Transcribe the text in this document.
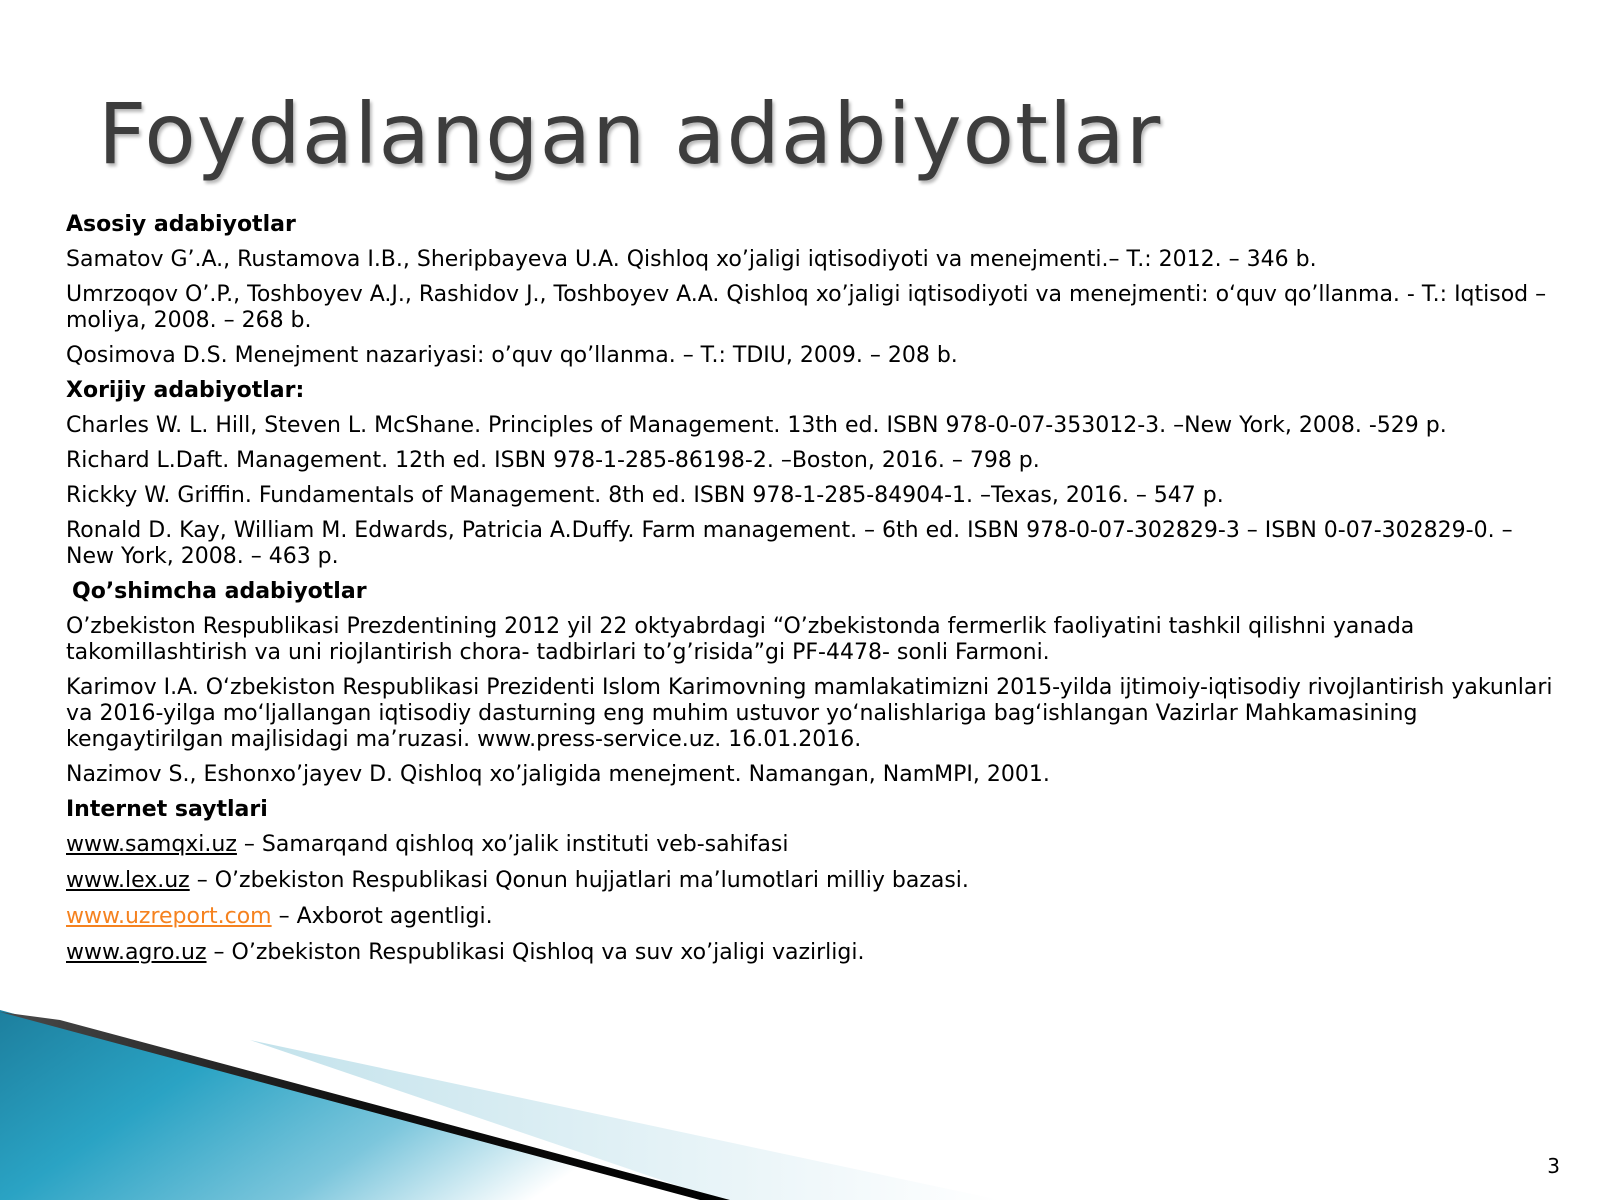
Foydalangan adabiyotlar
Asosiy adabiyotlar
Samatov G’.A., Rustamova I.B., Sheripbayeva U.A. Qishloq xo’jaligi iqtisodiyoti va menejmenti.– T.: 2012. – 346 b.
Umrzoqov O’.P., Toshboyev A.J., Rashidov J., Toshboyev A.A. Qishloq xo’jaligi iqtisodiyoti va menejmenti: o‘quv qo’llanma. - T.: Iqtisod – moliya, 2008. – 268 b.
Qosimova D.S. Menejment nazariyasi: o’quv qo’llanma. – T.: TDIU, 2009. – 208 b.
Xorijiy adabiyotlar:
Charles W. L. Hill, Steven L. McShane. Principles of Management. 13th ed. ISBN 978-0-07-353012-3. –New York, 2008. -529 p.
Richard L.Daft. Management. 12th ed. ISBN 978-1-285-86198-2. –Boston, 2016. – 798 p.
Rickky W. Griffin. Fundamentals of Management. 8th ed. ISBN 978-1-285-84904-1. –Texas, 2016. – 547 p.
Ronald D. Kay, William M. Edwards, Patricia A.Duffy. Farm management. – 6th ed. ISBN 978-0-07-302829-3 – ISBN 0-07-302829-0. – New York, 2008. – 463 p.
Qo’shimcha adabiyotlar
O’zbekiston Respublikasi Prezdentining 2012 yil 22 oktyabrdagi “O’zbekistonda fermerlik faoliyatini tashkil qilishni yanada takomillashtirish va uni riojlantirish chora- tadbirlari to’g’risida”gi PF-4478- sonli Farmoni.
Karimov I.A. O‘zbekiston Respublikasi Prezidenti Islom Karimovning mamlakatimizni 2015-yilda ijtimoiy-iqtisodiy rivojlantirish yakunlari va 2016-yilga mo‘ljallangan iqtisodiy dasturning eng muhim ustuvor yo‘nalishlariga bag‘ishlangan Vazirlar Mahkamasining kengaytirilgan majlisidagi ma’ruzasi. www.press-service.uz. 16.01.2016.
Nazimov S., Eshonxo’jayev D. Qishloq xo’jaligida menejment. Namangan, NamMPI, 2001.
Internet saytlari
www.samqxi.uz – Samarqand qishloq xo’jalik instituti veb-sahifasi
www.lex.uz – O’zbekiston Respublikasi Qonun hujjatlari ma’lumotlari milliy bazasi.
www.uzreport.com – Axborot agentligi.
www.agro.uz – O’zbekiston Respublikasi Qishloq va suv xo’jaligi vazirligi.
3
